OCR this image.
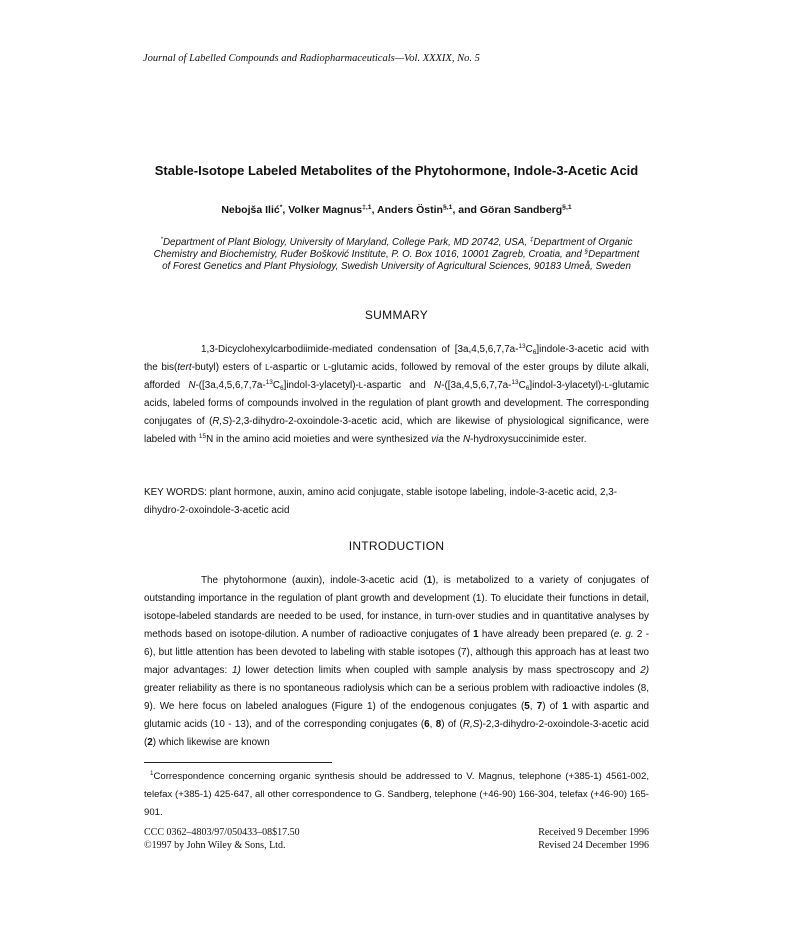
Journal of Labelled Compounds and Radiopharmaceuticals—Vol. XXXIX, No. 5
Stable-Isotope Labeled Metabolites of the Phytohormone, Indole-3-Acetic Acid
Nebojša Ilić*, Volker Magnus$^{\ddagger,1}$, Anders Östin$^{\S,1}$, and Göran Sandberg$^{\S,1}$
*Department of Plant Biology, University of Maryland, College Park, MD 20742, USA, ‡Department of Organic Chemistry and Biochemistry, Ruđer Bošković Institute, P. O. Box 1016, 10001 Zagreb, Croatia, and §Department of Forest Genetics and Plant Physiology, Swedish University of Agricultural Sciences, 90183 Umeå, Sweden
SUMMARY

1,3-Dicyclohexylcarbodiimide-mediated condensation of $[3a,4,5,6,7,7a-^{13}C_6]indole-3$-acetic acid with the bis(tert-butyl) esters of L-aspartic or L-glutamic acids, followed by removal of the ester groups by dilute alkali, afforded $N-([3a,4,5,6,7,7a-^{13}C_6]indol-3-ylacetyl)-L$-aspartic and $N-([3a,4,5,6,7,7a-^{13}C_6]indol-3-ylacetyl)-L$-glutamic acids, labeled forms of compounds involved in the regulation of plant growth and development. The corresponding conjugates of (R,S)-2,3-dihydro-2-oxoindole-3-acetic acid, which are likewise of physiological significance, were labeled with $^{15}$N in the amino acid moieties and were synthesized via the N-hydroxysuccinimide ester.

KEY WORDS: plant hormone, auxin, amino acid conjugate, stable isotope labeling, indole-3-acetic acid, 2,3-dihydro-2-oxoindole-3-acetic acid
INTRODUCTION

The phytohormone (auxin), indole-3-acetic acid (1), is metabolized to a variety of conjugates of outstanding importance in the regulation of plant growth and development (1). To elucidate their functions in detail, isotope-labeled standards are needed to be used, for instance, in turn-over studies and in quantitative analyses by methods based on isotope-dilution. A number of radioactive conjugates of 1 have already been prepared (e. g. 2 - 6), but little attention has been devoted to labeling with stable isotopes (7), although this approach has at least two major advantages: 1) lower detection limits when coupled with sample analysis by mass spectroscopy and 2) greater reliability as there is no spontaneous radiolysis which can be a serious problem with radioactive indoles (8, 9). We here focus on labeled analogues (Figure 1) of the endogenous conjugates (5, 7) of 1 with aspartic and glutamic acids (10 - 13), and of the corresponding conjugates (6, 8) of (R,S)-2,3-dihydro-2-oxoindole-3-acetic acid (2) which likewise are known

$^1$Correspondence concerning organic synthesis should be addressed to V. Magnus, telephone (+385-1) 4561-002, telefax (+385-1) 425-647, all other correspondence to G. Sandberg, telephone (+46-90) 166-304, telefax (+46-90) 165-901.

CCC 0362–4803/97/050433–08$17.50
©1997 by John Wiley & Sons, Ltd.
Received 9 December 1996
Revised 24 December 1996
